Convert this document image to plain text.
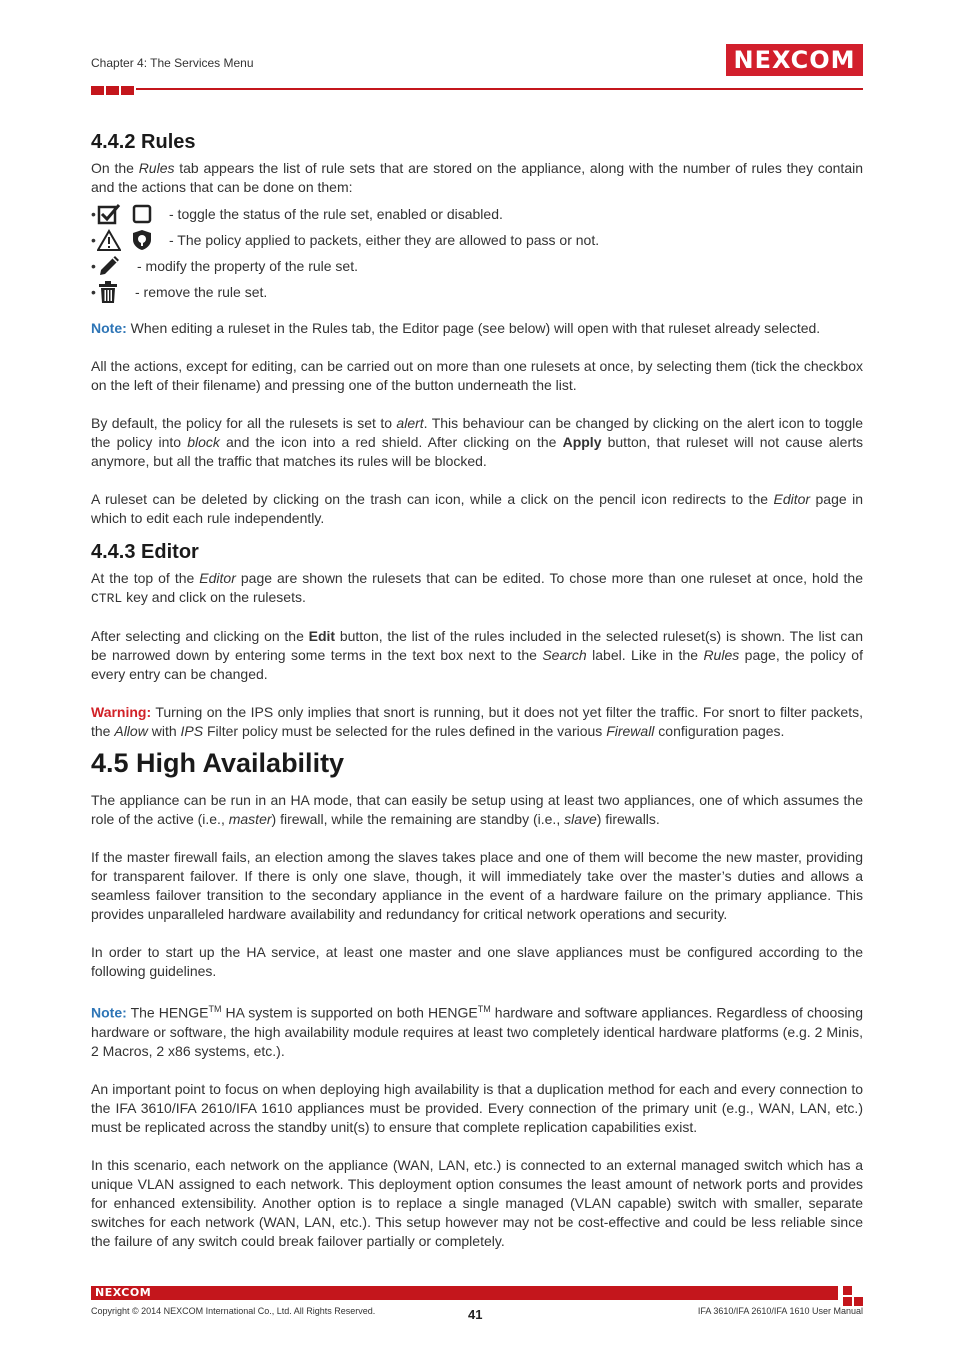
Chapter 4: The Services Menu	NEXCOM
4.4.2 Rules

On the Rules tab appears the list of rule sets that are stored on the appliance, along with the number of rules they contain and the actions that can be done on them:

•	- toggle the status of the rule set, enabled or disabled.
•	- The policy applied to packets, either they are allowed to pass or not.
•	- modify the property of the rule set.
•	- remove the rule set.

Note: When editing a ruleset in the Rules tab, the Editor page (see below) will open with that ruleset already selected.

All the actions, except for editing, can be carried out on more than one rulesets at once, by selecting them (tick the checkbox on the left of their filename) and pressing one of the button underneath the list.

By default, the policy for all the rulesets is set to alert. This behaviour can be changed by clicking on the alert icon to toggle the policy into block and the icon into a red shield. After clicking on the Apply button, that ruleset will not cause alerts anymore, but all the traffic that matches its rules will be blocked.

A ruleset can be deleted by clicking on the trash can icon, while a click on the pencil icon redirects to the Editor page in which to edit each rule independently.

4.4.3 Editor

At the top of the Editor page are shown the rulesets that can be edited. To chose more than one ruleset at once, hold the CTRL key and click on the rulesets.

After selecting and clicking on the Edit button, the list of the rules included in the selected ruleset(s) is shown. The list can be narrowed down by entering some terms in the text box next to the Search label. Like in the Rules page, the policy of every entry can be changed.

Warning: Turning on the IPS only implies that snort is running, but it does not yet filter the traffic. For snort to filter packets, the Allow with IPS Filter policy must be selected for the rules defined in the various Firewall configuration pages.

4.5 High Availability

The appliance can be run in an HA mode, that can easily be setup using at least two appliances, one of which assumes the role of the active (i.e., master) firewall, while the remaining are standby (i.e., slave) firewalls.

If the master firewall fails, an election among the slaves takes place and one of them will become the new master, providing for transparent failover. If there is only one slave, though, it will immediately take over the master’s duties and allows a seamless failover transition to the secondary appliance in the event of a hardware failure on the primary appliance. This provides unparalleled hardware availability and redundancy for critical network operations and security.

In order to start up the HA service, at least one master and one slave appliances must be configured according to the following guidelines.

Note: The HENGE™ HA system is supported on both HENGE™ hardware and software appliances. Regardless of choosing hardware or software, the high availability module requires at least two completely identical hardware platforms (e.g. 2 Minis, 2 Macros, 2 x86 systems, etc.).

An important point to focus on when deploying high availability is that a duplication method for each and every connection to the IFA 3610/IFA 2610/IFA 1610 appliances must be provided. Every connection of the primary unit (e.g., WAN, LAN, etc.) must be replicated across the standby unit(s) to ensure that complete replication capabilities exist.

In this scenario, each network on the appliance (WAN, LAN, etc.) is connected to an external managed switch which has a unique VLAN assigned to each network. This deployment option consumes the least amount of network ports and provides for enhanced extensibility. Another option is to replace a single managed (VLAN capable) switch with smaller, separate switches for each network (WAN, LAN, etc.). This setup however may not be cost-effective and could be less reliable since the failure of any switch could break failover partially or completely.

NEXCOM
Copyright © 2014 NEXCOM International Co., Ltd. All Rights Reserved.	41	IFA 3610/IFA 2610/IFA 1610 User Manual
